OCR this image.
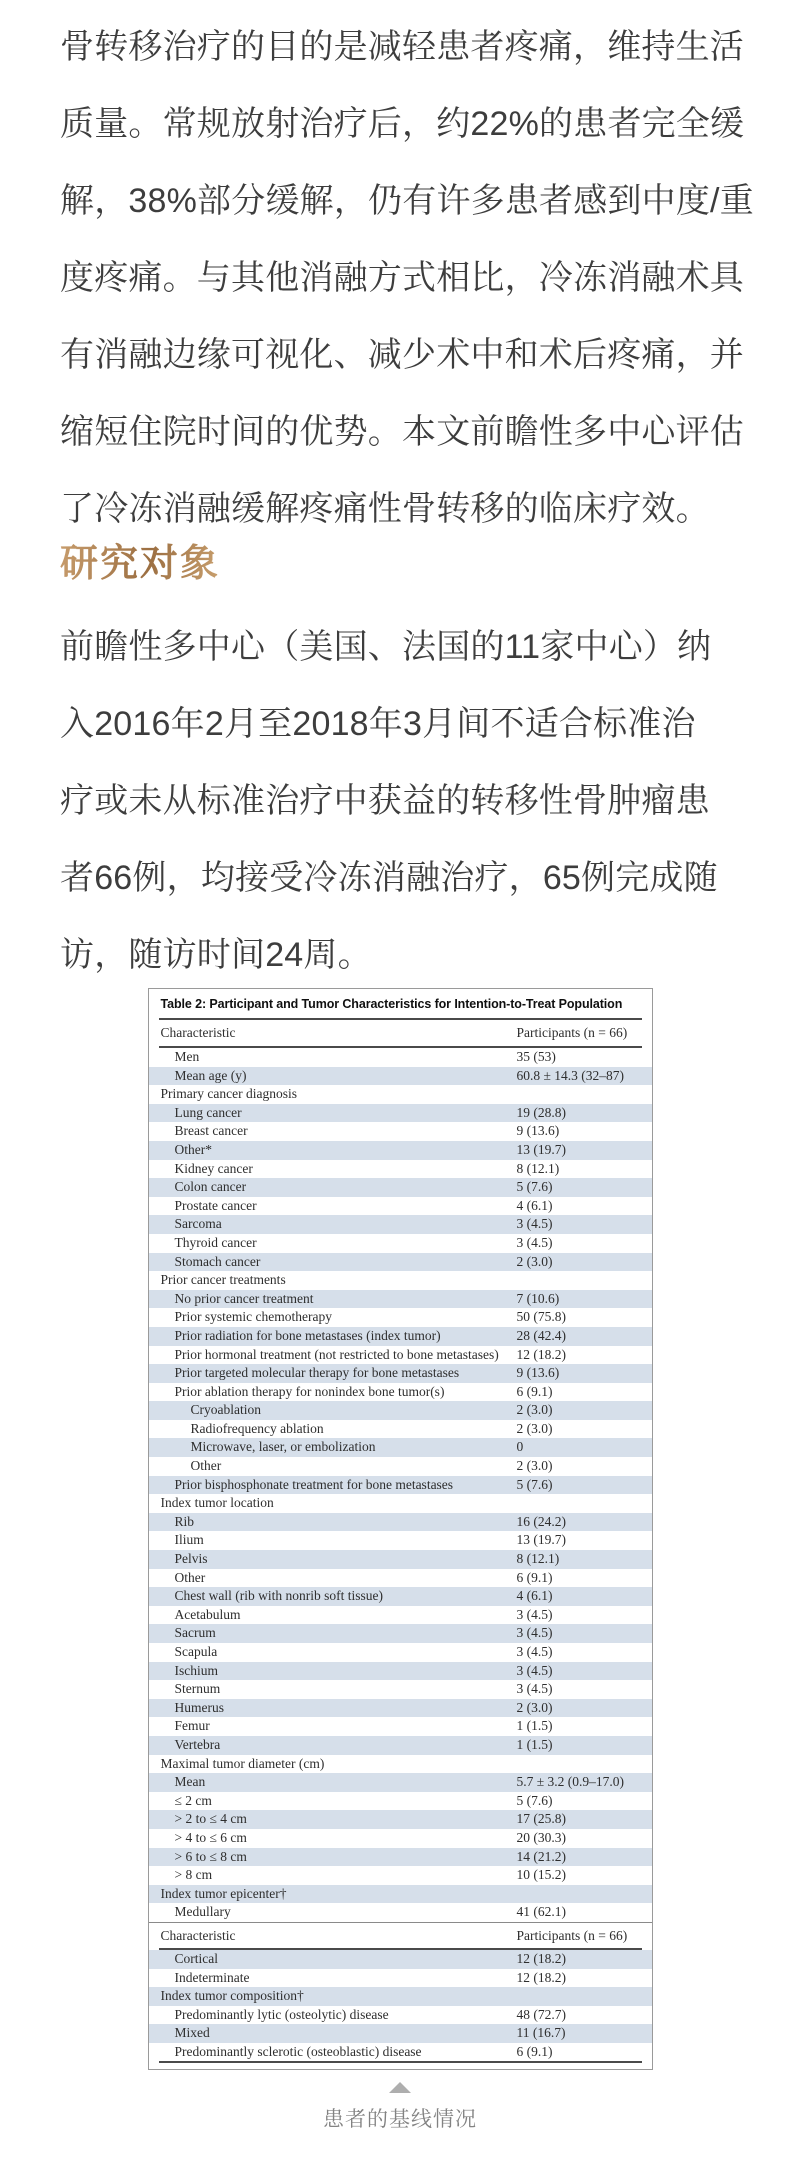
骨转移治疗的目的是减轻患者疼痛，维持生活
质量。常规放射治疗后，约22%的患者完全缓
解，38%部分缓解，仍有许多患者感到中度/重
度疼痛。与其他消融方式相比，冷冻消融术具
有消融边缘可视化、减少术中和术后疼痛，并
缩短住院时间的优势。本文前瞻性多中心评估
了冷冻消融缓解疼痛性骨转移的临床疗效。
研究对象
前瞻性多中心（美国、法国的11家中心）纳
入2016年2月至2018年3月间不适合标准治
疗或未从标准治疗中获益的转移性骨肿瘤患
者66例，均接受冷冻消融治疗，65例完成随
访，随访时间24周。
Table 2: Participant and Tumor Characteristics for Intention-to-Treat Population
Characteristic	Participants (n = 66)
Men	35 (53)
Mean age (y)	60.8 ± 14.3 (32–87)
Primary cancer diagnosis
Lung cancer	19 (28.8)
Breast cancer	9 (13.6)
Other*	13 (19.7)
Kidney cancer	8 (12.1)
Colon cancer	5 (7.6)
Prostate cancer	4 (6.1)
Sarcoma	3 (4.5)
Thyroid cancer	3 (4.5)
Stomach cancer	2 (3.0)
Prior cancer treatments
No prior cancer treatment	7 (10.6)
Prior systemic chemotherapy	50 (75.8)
Prior radiation for bone metastases (index tumor)	28 (42.4)
Prior hormonal treatment (not restricted to bone metastases) 12 (18.2)
Prior targeted molecular therapy for bone metastases	9 (13.6)
Prior ablation therapy for nonindex bone tumor(s)	6 (9.1)
Cryoablation	2 (3.0)
Radiofrequency ablation	2 (3.0)
Microwave, laser, or embolization	0
Other	2 (3.0)
Prior bisphosphonate treatment for bone metastases	5 (7.6)
Index tumor location
Rib	16 (24.2)
Ilium	13 (19.7)
Pelvis	8 (12.1)
Other	6 (9.1)
Chest wall (rib with nonrib soft tissue)	4 (6.1)
Acetabulum	3 (4.5)
Sacrum	3 (4.5)
Scapula	3 (4.5)
Ischium	3 (4.5)
Sternum	3 (4.5)
Humerus	2 (3.0)
Femur	1 (1.5)
Vertebra	1 (1.5)
Maximal tumor diameter (cm)
Mean	5.7 ± 3.2 (0.9–17.0)
≤ 2 cm	5 (7.6)
> 2 to ≤ 4 cm	17 (25.8)
> 4 to ≤ 6 cm	20 (30.3)
> 6 to ≤ 8 cm	14 (21.2)
> 8 cm	10 (15.2)
Index tumor epicenter†
Medullary	41 (62.1)
Characteristic	Participants (n = 66)
Cortical	12 (18.2)
Indeterminate	12 (18.2)
Index tumor composition†
Predominantly lytic (osteolytic) disease	48 (72.7)
Mixed	11 (16.7)
Predominantly sclerotic (osteoblastic) disease	6 (9.1)
患者的基线情况
